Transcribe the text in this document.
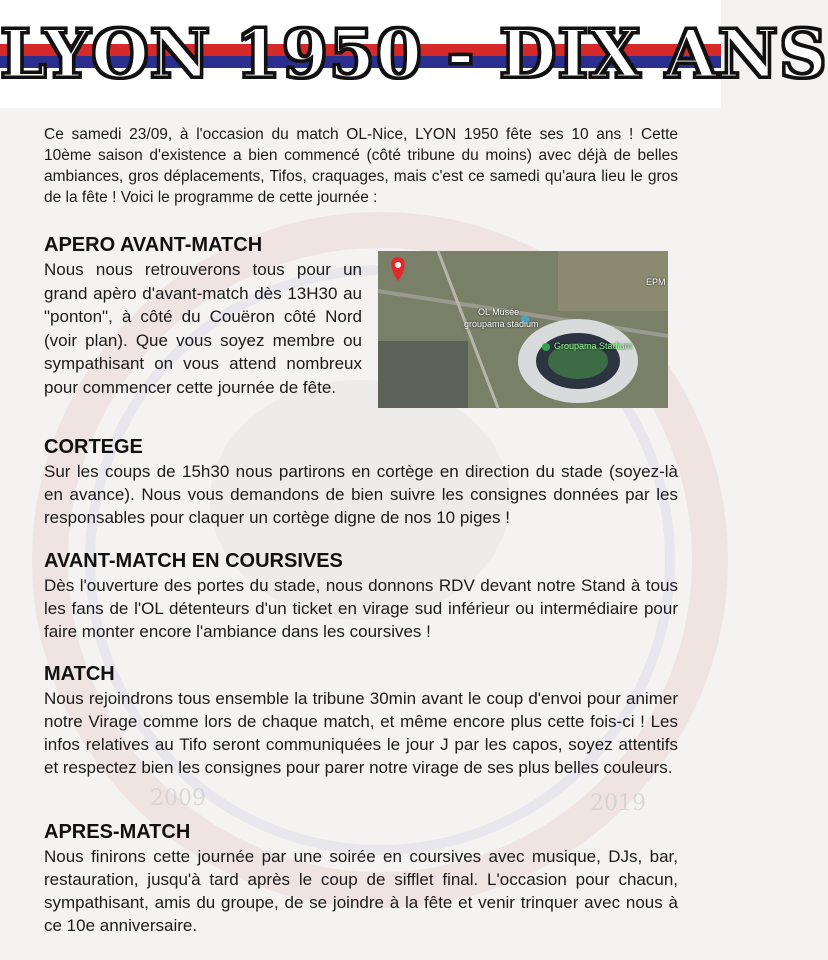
2009	2019
LYON 1950 - DIX ANS

Ce samedi 23/09, à l'occasion du match OL-Nice, LYON 1950 fête ses 10 ans ! Cette 10ème saison d'existence a bien commencé (côté tribune du moins) avec déjà de belles ambiances, gros déplacements, Tifos, craquages, mais c'est ce samedi qu'aura lieu le gros de la fête ! Voici le programme de cette journée :

APERO AVANT-MATCH

Nous nous retrouverons tous pour un grand apèro d'avant-match dès 13H30 au "ponton", à côté du Couëron côté Nord (voir plan). Que vous soyez membre ou sympathisant on vous attend nombreux pour commencer cette journée de fête.

OL Musée
groupama stadium
Groupama Stadium
EPM
CORTEGE

Sur les coups de 15h30 nous partirons en cortège en direction du stade (soyez-là en avance). Nous vous demandons de bien suivre les consignes données par les responsables pour claquer un cortège digne de nos 10 piges !

AVANT-MATCH EN COURSIVES

Dès l'ouverture des portes du stade, nous donnons RDV devant notre Stand à tous les fans de l'OL détenteurs d'un ticket en virage sud inférieur ou intermédiaire pour faire monter encore l'ambiance dans les coursives !

MATCH

Nous rejoindrons tous ensemble la tribune 30min avant le coup d'envoi pour animer notre Virage comme lors de chaque match, et même encore plus cette fois-ci ! Les infos relatives au Tifo seront communiquées le jour J par les capos, soyez attentifs et respectez bien les consignes pour parer notre virage de ses plus belles couleurs.

APRES-MATCH

Nous finirons cette journée par une soirée en coursives avec musique, DJs, bar, restauration, jusqu'à tard après le coup de sifflet final. L'occasion pour chacun, sympathisant, amis du groupe, de se joindre à la fête et venir trinquer avec nous à ce 10e anniversaire.
